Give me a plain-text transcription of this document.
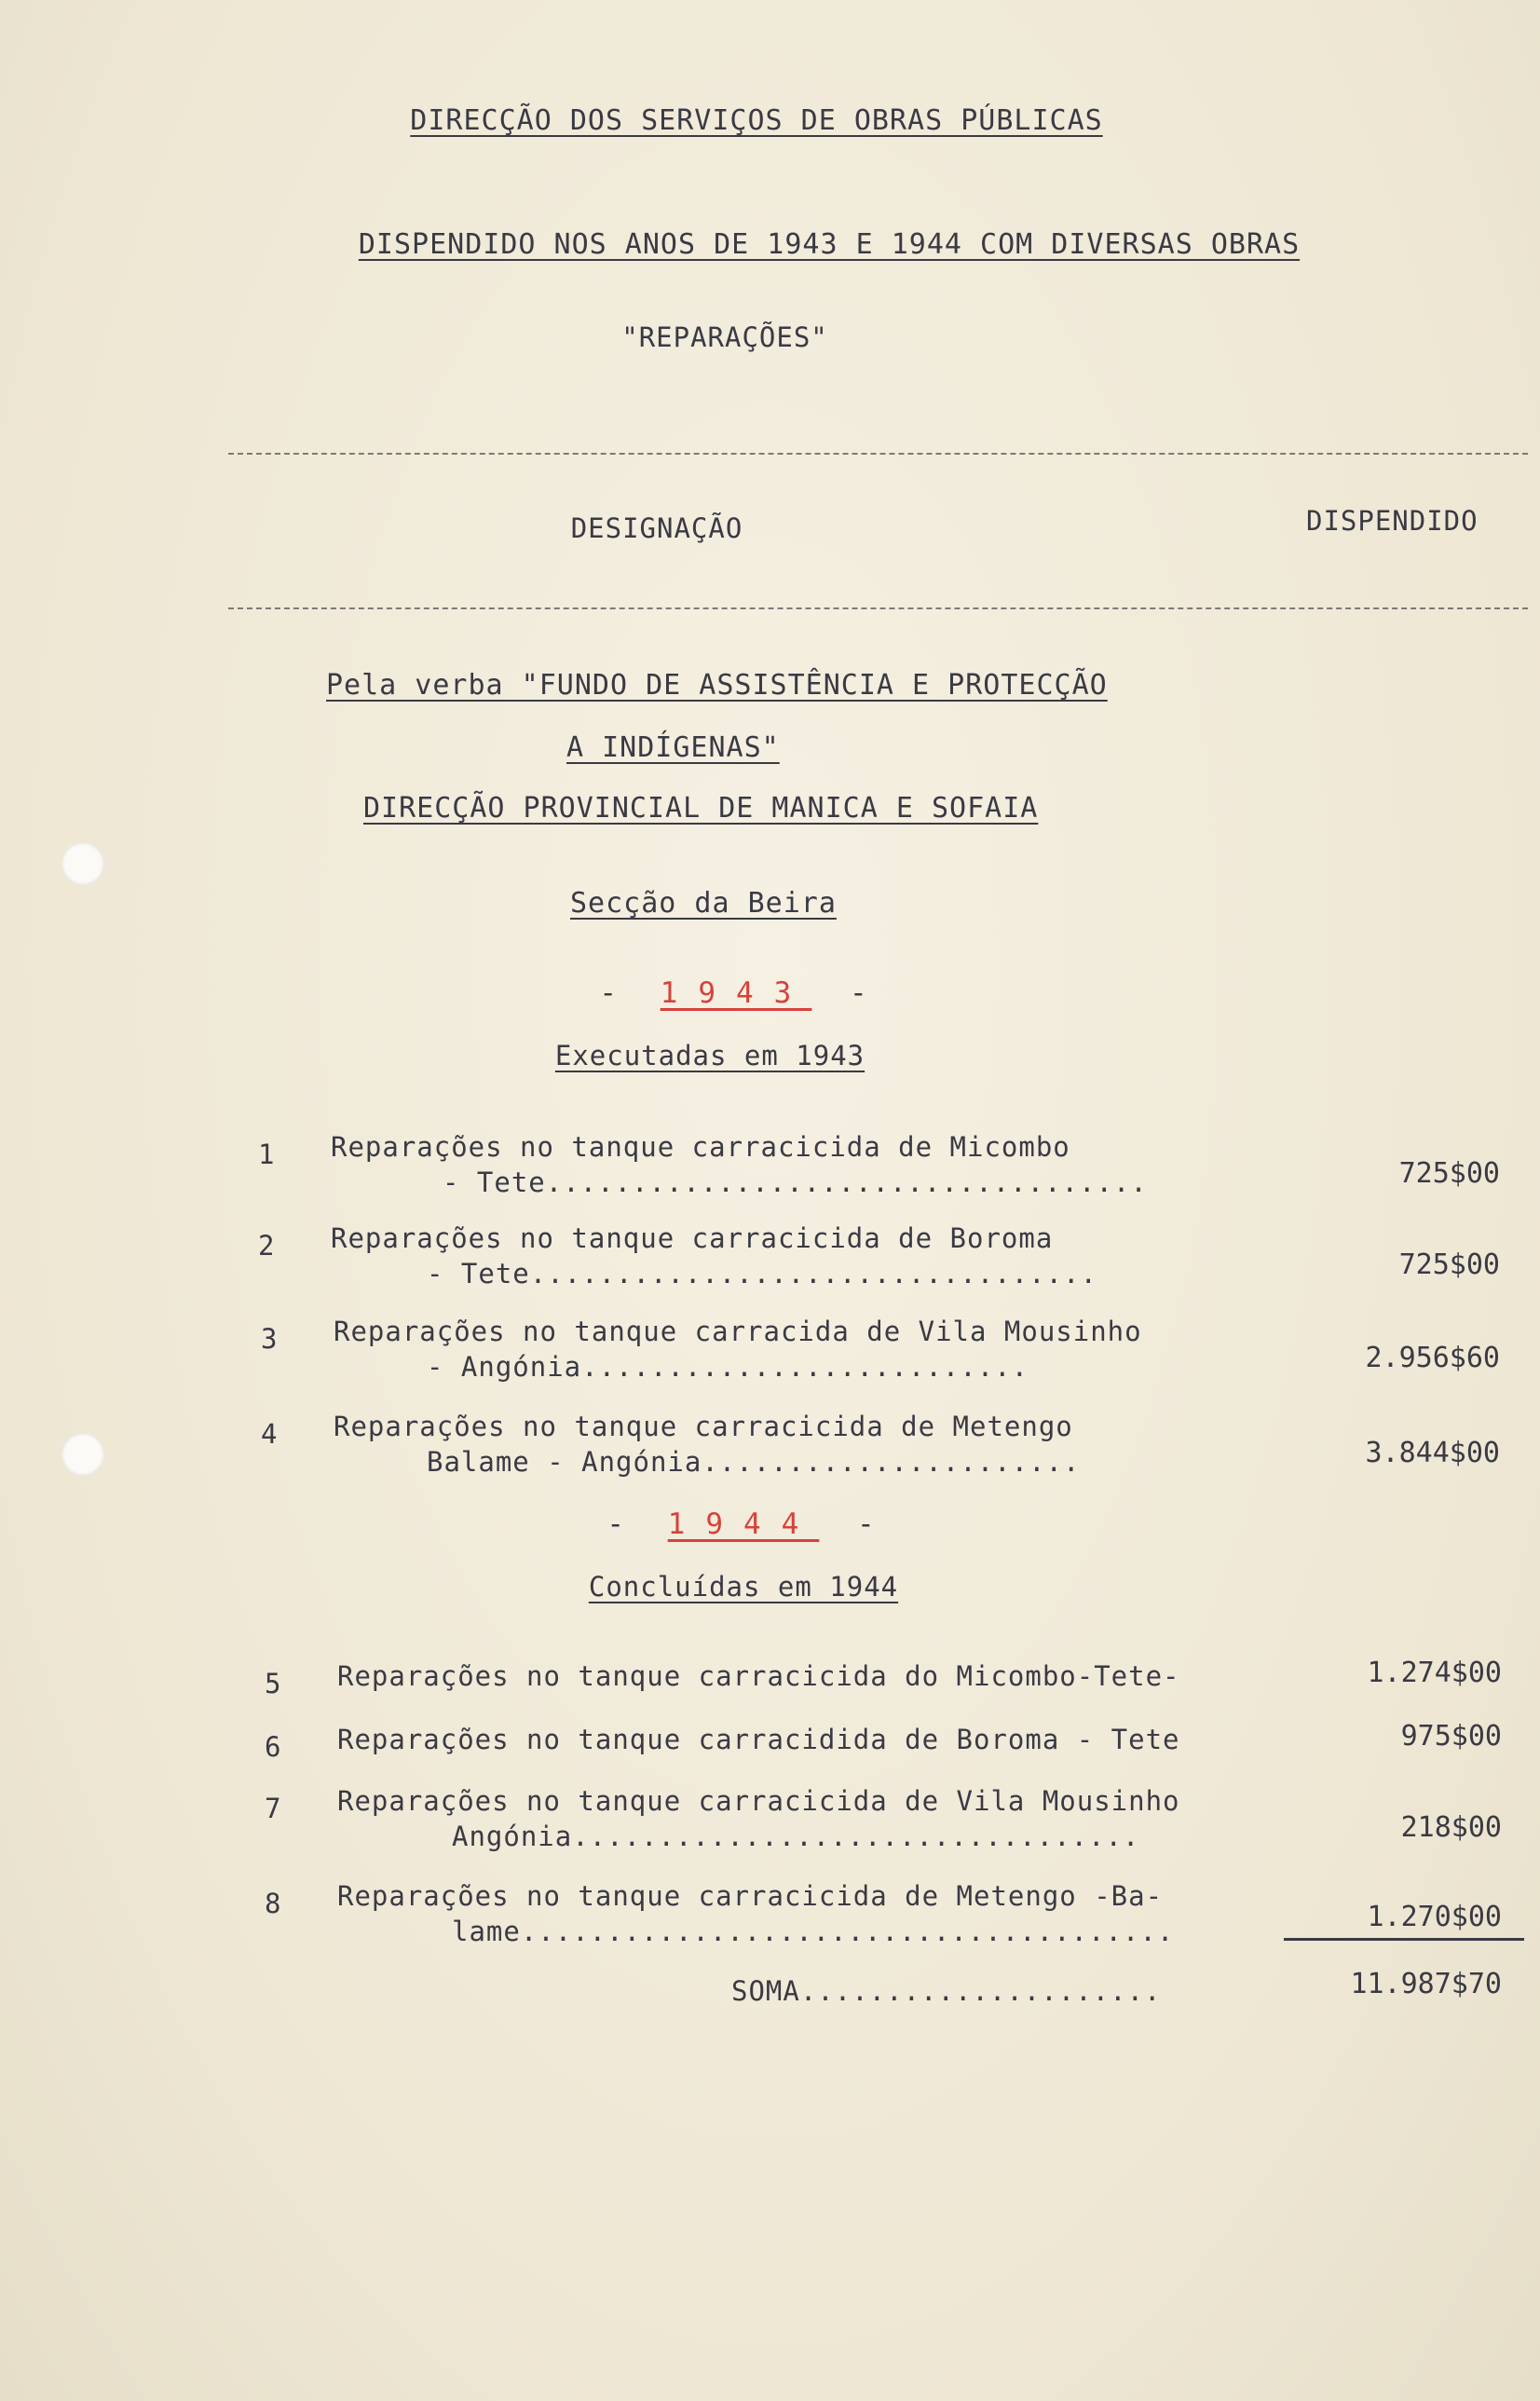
DIRECÇÃO DOS SERVIÇOS DE OBRAS PÚBLICAS
DISPENDIDO NOS ANOS DE 1943 E 1944 COM DIVERSAS OBRAS
"REPARAÇÕES"
DESIGNAÇÃO	DISPENDIDO
Pela verba "FUNDO DE ASSISTÊNCIA E PROTECÇÃO
A INDÍGENAS"
DIRECÇÃO PROVINCIAL DE MANICA E SOFAIA
Secção da Beira
- 1943 -
Executadas em 1943
1 Reparações no tanque carracicida de Micombo
- Tete...................................	725$00
2 Reparações no tanque carracicida de Boroma
- Tete.................................	725$00
3 Reparações no tanque carracida de Vila Mousinho
- Angónia..........................	2.956$60
4 Reparações no tanque carracicida de Metengo
Balame - Angónia......................	3.844$00
- 1944 -
Concluídas em 1944
5 Reparações no tanque carracicida do Micombo-Tete-	1.274$00
6 Reparações no tanque carracidida de Boroma - Tete	975$00
7 Reparações no tanque carracicida de Vila Mousinho
Angónia.................................	218$00
8 Reparações no tanque carracicida de Metengo -Ba-
lame......................................	1.270$00
SOMA.....................	11.987$70
